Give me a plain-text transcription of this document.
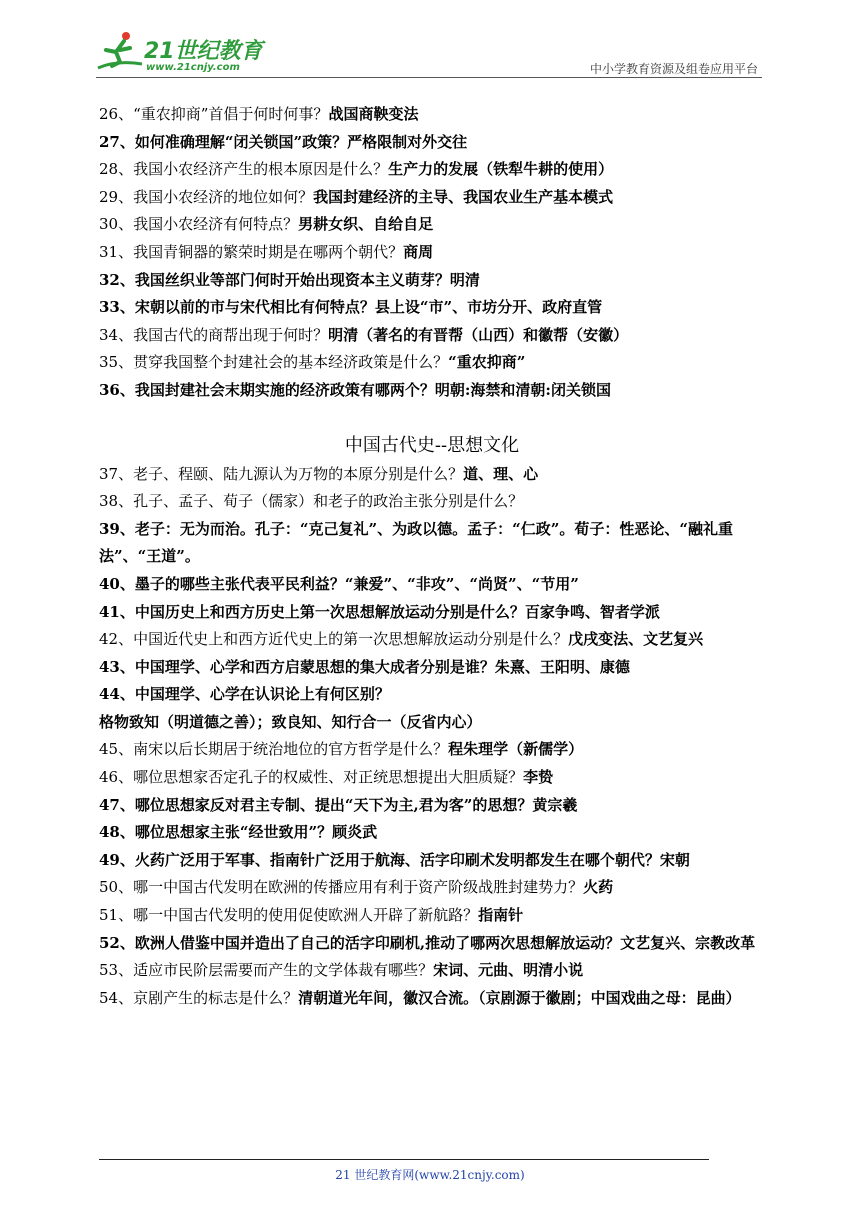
21世纪教育
www.21cnjy.com	中小学教育资源及组卷应用平台
26、“重农抑商”首倡于何时何事？战国商鞅变法
27、如何准确理解“闭关锁国”政策？严格限制对外交往
28、我国小农经济产生的根本原因是什么？生产力的发展（铁犁牛耕的使用）
29、我国小农经济的地位如何？我国封建经济的主导、我国农业生产基本模式
30、我国小农经济有何特点？男耕女织、自给自足
31、我国青铜器的繁荣时期是在哪两个朝代？商周
32、我国丝织业等部门何时开始出现资本主义萌芽？明清
33、宋朝以前的市与宋代相比有何特点？县上设“市”、市坊分开、政府直管
34、我国古代的商帮出现于何时？明清（著名的有晋帮（山西）和徽帮（安徽）
35、贯穿我国整个封建社会的基本经济政策是什么？“重农抑商”
36、我国封建社会末期实施的经济政策有哪两个？明朝:海禁和清朝:闭关锁国
中国古代史--思想文化
37、老子、程颐、陆九源认为万物的本原分别是什么？道、理、心
38、孔子、孟子、荀子（儒家）和老子的政治主张分别是什么？
39、老子：无为而治。孔子：“克己复礼”、为政以德。孟子：“仁政”。荀子：性恶论、“融礼重法”、“王道”。
40、墨子的哪些主张代表平民利益？“兼爱”、“非攻”、“尚贤”、“节用”
41、中国历史上和西方历史上第一次思想解放运动分别是什么？百家争鸣、智者学派
42、中国近代史上和西方近代史上的第一次思想解放运动分别是什么？戊戌变法、文艺复兴
43、中国理学、心学和西方启蒙思想的集大成者分别是谁？朱熹、王阳明、康德
44、中国理学、心学在认识论上有何区别？格物致知（明道德之善）；致良知、知行合一（反省内心）
45、南宋以后长期居于统治地位的官方哲学是什么？程朱理学（新儒学）
46、哪位思想家否定孔子的权威性、对正统思想提出大胆质疑？李贽
47、哪位思想家反对君主专制、提出“天下为主,君为客”的思想？黄宗羲
48、哪位思想家主张“经世致用”？顾炎武
49、火药广泛用于军事、指南针广泛用于航海、活字印刷术发明都发生在哪个朝代？宋朝
50、哪一中国古代发明在欧洲的传播应用有利于资产阶级战胜封建势力？火药
51、哪一中国古代发明的使用促使欧洲人开辟了新航路？指南针
52、欧洲人借鉴中国并造出了自己的活字印刷机,推动了哪两次思想解放运动？文艺复兴、宗教改革
53、适应市民阶层需要而产生的文学体裁有哪些？宋词、元曲、明清小说
54、京剧产生的标志是什么？清朝道光年间，徽汉合流。（京剧源于徽剧；中国戏曲之母：昆曲）
21 世纪教育网(www.21cnjy.com)
